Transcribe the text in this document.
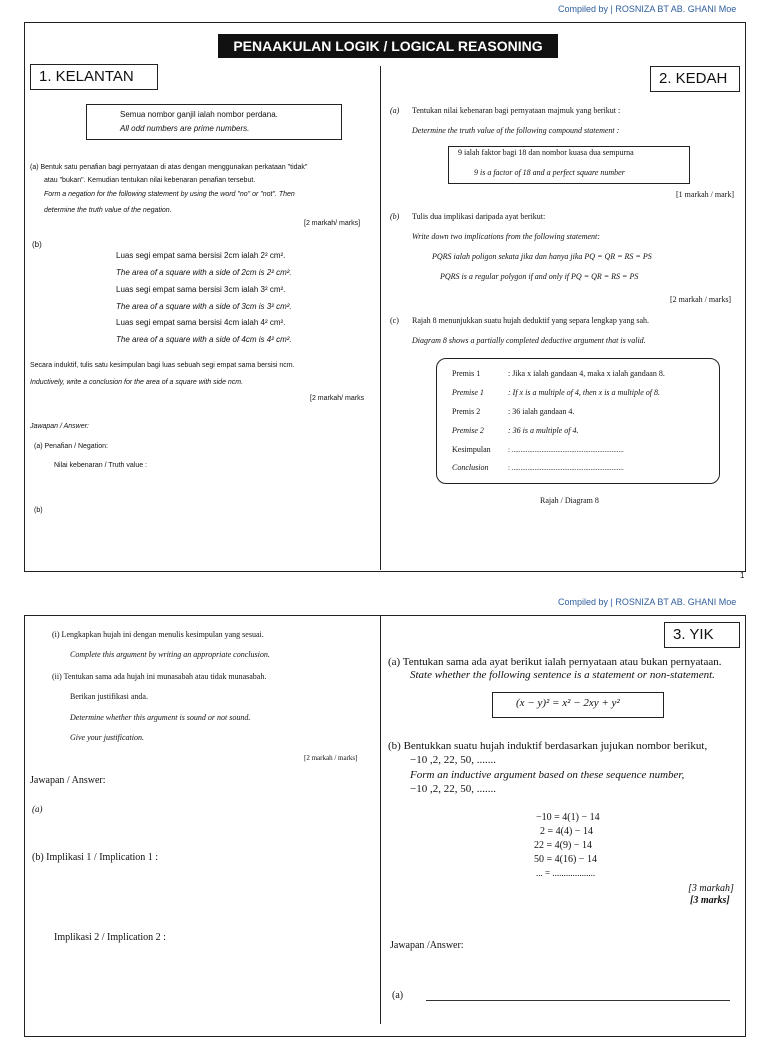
Compiled by | ROSNIZA BT AB. GHANI Moe
PENAAKULAN LOGIK / LOGICAL REASONING
1. KELANTAN	2. KEDAH
Semua nombor ganjil ialah nombor perdana.
All odd numbers are prime numbers.
(a) Bentuk satu penafian bagi pernyataan di atas dengan menggunakan perkataan "tidak"
atau "bukan". Kemudian tentukan nilai kebenaran penafian tersebut.
Form a negation for the following statement by using the word "no" or "not". Then
determine the truth value of the negation.
[2 markah/ marks]
(b)
Luas segi empat sama bersisi 2cm ialah 2² cm².
The area of a square with a side of 2cm is 2² cm².
Luas segi empat sama bersisi 3cm ialah 3² cm².
The area of a square with a side of 3cm is 3² cm².
Luas segi empat sama bersisi 4cm ialah 4² cm².
The area of a square with a side of 4cm is 4² cm².
Secara induktif, tulis satu kesimpulan bagi luas sebuah segi empat sama bersisi ncm.
Inductively, write a conclusion for the area of a square with side ncm.
[2 markah/ marks
Jawapan / Answer:
(a) Penafian / Negation:
Nilai kebenaran / Truth value :
(b)
(a) Tentukan nilai kebenaran bagi pernyataan majmuk yang berikut :
Determine the truth value of the following compound statement :
9 ialah faktor bagi 18 dan nombor kuasa dua sempurna
9 is a factor of 18 and a perfect square number
[1 markah / mark]
(b) Tulis dua implikasi daripada ayat berikut:
Write down two implications from the following statement:
PQRS ialah poligon sekata jika dan hanya jika PQ = QR = RS = PS
PQRS is a regular polygon if and only if PQ = QR = RS = PS
[2 markah / marks]
(c) Rajah 8 menunjukkan suatu hujah deduktif yang separa lengkap yang sah.
Diagram 8 shows a partially completed deductive argument that is valid.
Premis 1	: Jika x ialah gandaan 4, maka x ialah gandaan 8.
Premise 1	: If x is a multiple of 4, then x is a multiple of 8.
Premis 2	: 36 ialah gandaan 4.
Premise 2	: 36 is a multiple of 4.
Kesimpulan : ................................................................
Conclusion	: ................................................................
Rajah / Diagram 8
1
Compiled by | ROSNIZA BT AB. GHANI Moe
(i) Lengkapkan hujah ini dengan menulis kesimpulan yang sesuai.
Complete this argument by writing an appropriate conclusion.
(ii) Tentukan sama ada hujah ini munasabah atau tidak munasabah.
Berikan justifikasi anda.
Determine whether this argument is sound or not sound.
Give your justification.
[2 markah / marks]
Jawapan / Answer:
(a)
(b) Implikasi 1 / Implication 1 :
Implikasi 2 / Implication 2 :
3. YIK
(a) Tentukan sama ada ayat berikut ialah pernyataan atau bukan pernyataan.
State whether the following sentence is a statement or non-statement.
(x − y)² = x² − 2xy + y²
(b) Bentukkan suatu hujah induktif berdasarkan jujukan nombor berikut,
−10 ,2, 22, 50, .......
Form an inductive argument based on these sequence number,
−10 ,2, 22, 50, .......
−10 = 4(1) − 14
2 = 4(4) − 14
22 = 4(9) − 14
50 = 4(16) − 14
... = ...................
[3 markah]
[3 marks]
Jawapan /Answer:
(a)
